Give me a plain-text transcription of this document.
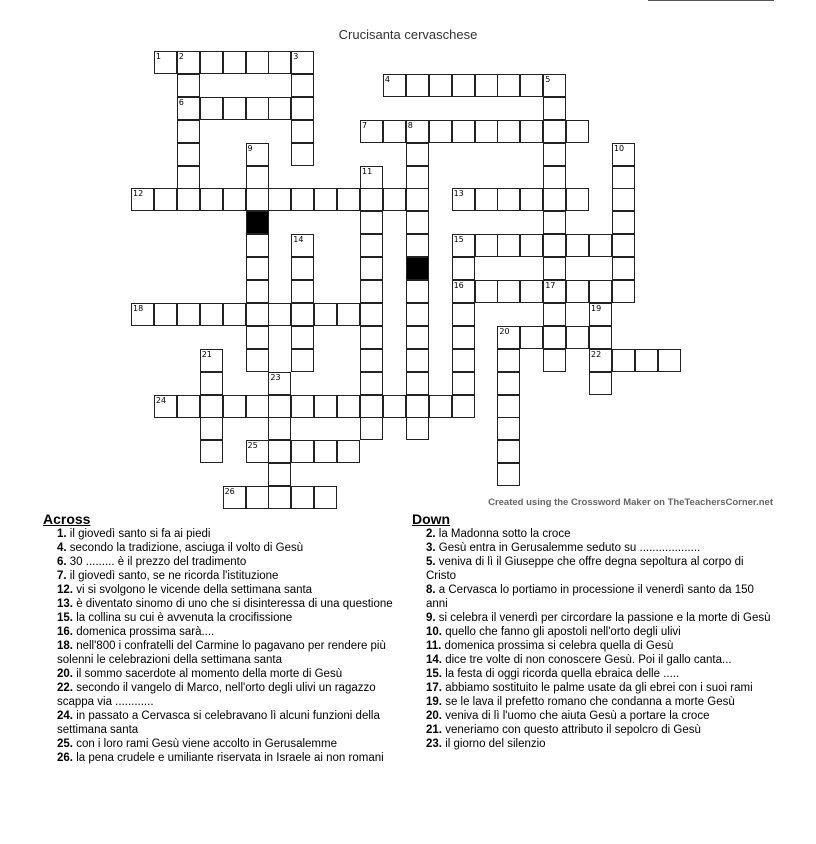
Crucisanta cervaschese
1 2	3
4	5
6
7	8
9	10
11
12	13
14	15
16	17
18	19
20
21	22
23
24
25
26
Created using the Crossword Maker on TheTeachersCorner.net
Across
1. il giovedì santo si fa ai piedi
4. secondo la tradizione, asciuga il volto di Gesù
6. 30 ......... è il prezzo del tradimento
7. il giovedì santo, se ne ricorda l'istituzione
12. vi si svolgono le vicende della settimana santa
13. è diventato sinomo di uno che si disinteressa di una questione
15. la collina su cui è avvenuta la crocifissione
16. domenica prossima sarà....
18. nell'800 i confratelli del Carmine lo pagavano per rendere più solenni le celebrazioni della settimana santa
20. il sommo sacerdote al momento della morte di Gesù
22. secondo il vangelo di Marco, nell'orto degli ulivi un ragazzo scappa via ............
24. in passato a Cervasca si celebravano lì alcuni funzioni della settimana santa
25. con i loro rami Gesù viene accolto in Gerusalemme
26. la pena crudele e umiliante riservata in Israele ai non romani
Down
2. la Madonna sotto la croce
3. Gesù entra in Gerusalemme seduto su ...................
5. veniva di lì il Giuseppe che offre degna sepoltura al corpo di Cristo
8. a Cervasca lo portiamo in processione il venerdì santo da 150 anni
9. si celebra il venerdì per circordare la passione e la morte di Gesù
10. quello che fanno gli apostoli nell'orto degli ulivi
11. domenica prossima si celebra quella di Gesù
14. dice tre volte di non conoscere Gesù. Poi il gallo canta...
15. la festa di oggi ricorda quella ebraica delle .....
17. abbiamo sostituito le palme usate da gli ebrei con i suoi rami
19. se le lava il prefetto romano che condanna a morte Gesù
20. veniva di lì l'uomo che aiuta Gesù a portare la croce
21. veneriamo con questo attributo il sepolcro di Gesù
23. il giorno del silenzio
